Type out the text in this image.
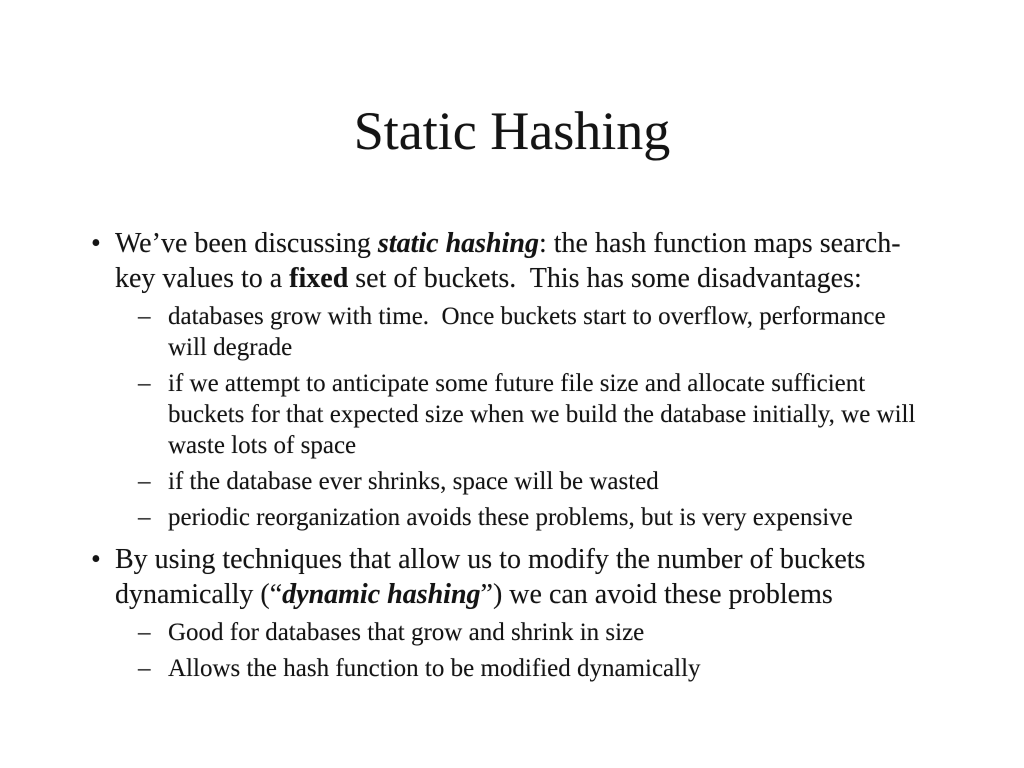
Static Hashing
• We’ve been discussing static hashing: the hash function maps search-
key values to a fixed set of buckets.  This has some disadvantages:
– databases grow with time.  Once buckets start to overflow, performance
will degrade
– if we attempt to anticipate some future file size and allocate sufficient
buckets for that expected size when we build the database initially, we will
waste lots of space
– if the database ever shrinks, space will be wasted
– periodic reorganization avoids these problems, but is very expensive
• By using techniques that allow us to modify the number of buckets
dynamically (“dynamic hashing”) we can avoid these problems
– Good for databases that grow and shrink in size
– Allows the hash function to be modified dynamically
